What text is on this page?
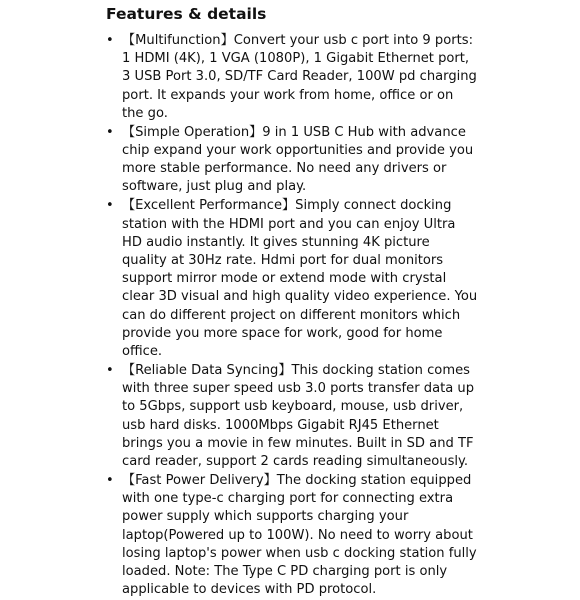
Features & details
• 【Multifunction】Convert your usb c port into 9 ports: 1 HDMI (4K), 1 VGA (1080P), 1 Gigabit Ethernet port, 3 USB Port 3.0, SD/TF Card Reader, 100W pd charging port. It expands your work from home, office or on the go.
• 【Simple Operation】9 in 1 USB C Hub with advance chip expand your work opportunities and provide you more stable performance. No need any drivers or software, just plug and play.
• 【Excellent Performance】Simply connect docking station with the HDMI port and you can enjoy Ultra HD audio instantly. It gives stunning 4K picture quality at 30Hz rate. Hdmi port for dual monitors support mirror mode or extend mode with crystal clear 3D visual and high quality video experience. You can do different project on different monitors which provide you more space for work, good for home office.
• 【Reliable Data Syncing】This docking station comes with three super speed usb 3.0 ports transfer data up to 5Gbps, support usb keyboard, mouse, usb driver, usb hard disks. 1000Mbps Gigabit RJ45 Ethernet brings you a movie in few minutes. Built in SD and TF card reader, support 2 cards reading simultaneously.
• 【Fast Power Delivery】The docking station equipped with one type-c charging port for connecting extra power supply which supports charging your laptop(Powered up to 100W). No need to worry about losing laptop's power when usb c docking station fully loaded. Note: The Type C PD charging port is only applicable to devices with PD protocol.
